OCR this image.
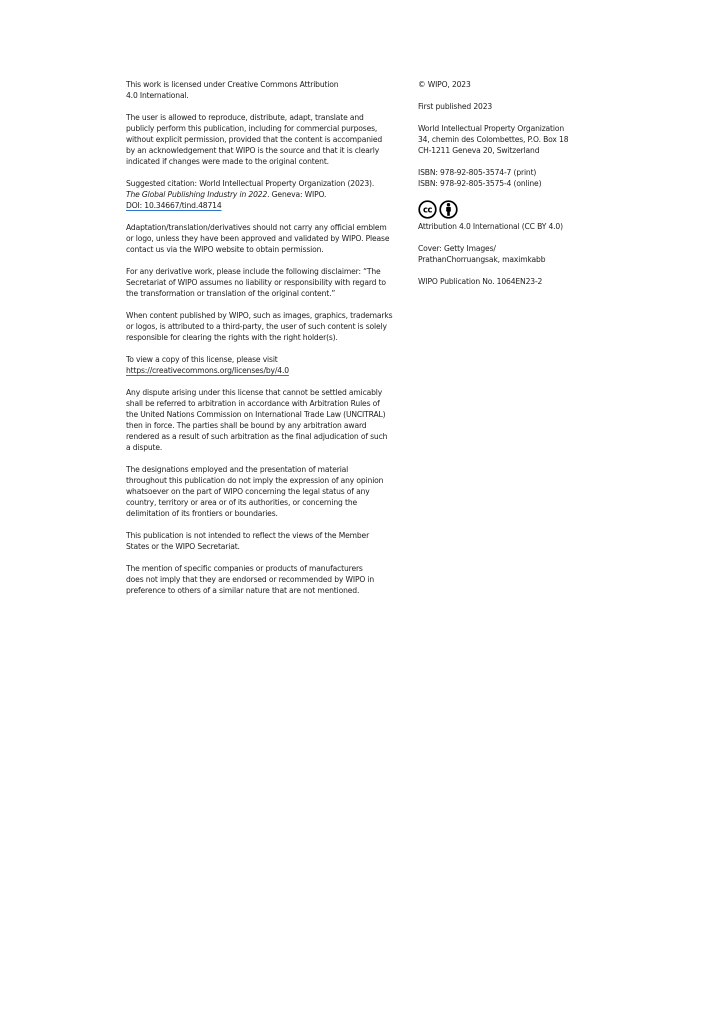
This work is licensed under Creative Commons Attribution
4.0 International.
The user is allowed to reproduce, distribute, adapt, translate and
publicly perform this publication, including for commercial purposes,
without explicit permission, provided that the content is accompanied
by an acknowledgement that WIPO is the source and that it is clearly
indicated if changes were made to the original content.
Suggested citation: World Intellectual Property Organization (2023).
The Global Publishing Industry in 2022. Geneva: WIPO.
DOI: 10.34667/tind.48714
Adaptation/translation/derivatives should not carry any official emblem
or logo, unless they have been approved and validated by WIPO. Please
contact us via the WIPO website to obtain permission.
For any derivative work, please include the following disclaimer: “The
Secretariat of WIPO assumes no liability or responsibility with regard to
the transformation or translation of the original content.”
When content published by WIPO, such as images, graphics, trademarks
or logos, is attributed to a third-party, the user of such content is solely
responsible for clearing the rights with the right holder(s).
To view a copy of this license, please visit
https://creativecommons.org/licenses/by/4.0
Any dispute arising under this license that cannot be settled amicably
shall be referred to arbitration in accordance with Arbitration Rules of
the United Nations Commission on International Trade Law (UNCITRAL)
then in force. The parties shall be bound by any arbitration award
rendered as a result of such arbitration as the final adjudication of such
a dispute.
The designations employed and the presentation of material
throughout this publication do not imply the expression of any opinion
whatsoever on the part of WIPO concerning the legal status of any
country, territory or area or of its authorities, or concerning the
delimitation of its frontiers or boundaries.
This publication is not intended to reflect the views of the Member
States or the WIPO Secretariat.
The mention of specific companies or products of manufacturers
does not imply that they are endorsed or recommended by WIPO in
preference to others of a similar nature that are not mentioned.
© WIPO, 2023
First published 2023
World Intellectual Property Organization
34, chemin des Colombettes, P.O. Box 18
CH-1211 Geneva 20, Switzerland
ISBN: 978-92-805-3574-7 (print)
ISBN: 978-92-805-3575-4 (online)
cc
Attribution 4.0 International (CC BY 4.0)
Cover: Getty Images/
PrathanChorruangsak, maximkabb
WIPO Publication No. 1064EN23-2
